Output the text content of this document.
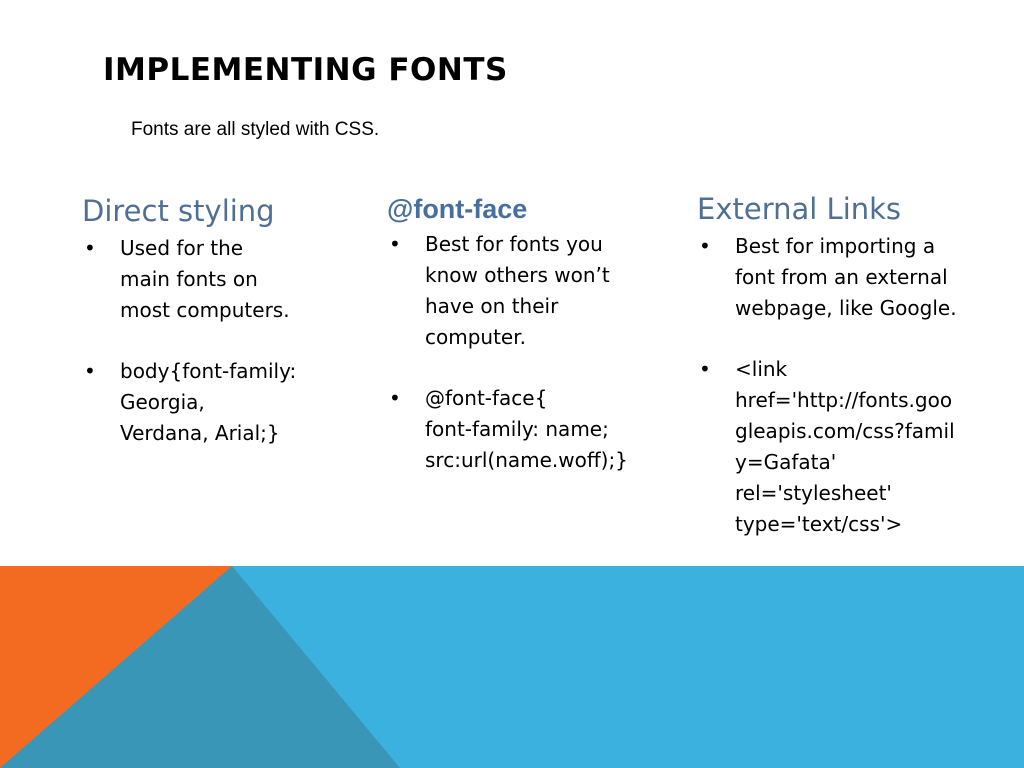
IMPLEMENTING FONTS
Fonts are all styled with CSS.
Direct styling
• Used for the
main fonts on
most computers.
• body{font-family:
Georgia,
Verdana, Arial;}
@font-face
• Best for fonts you
know others won’t
have on their
computer.
• @font-face{
font-family: name;
src:url(name.woff);}
External Links
• Best for importing a
font from an external
webpage, like Google.
• <link
href='http://fonts.goo
gleapis.com/css?famil
y=Gafata'
rel='stylesheet'
type='text/css'>
